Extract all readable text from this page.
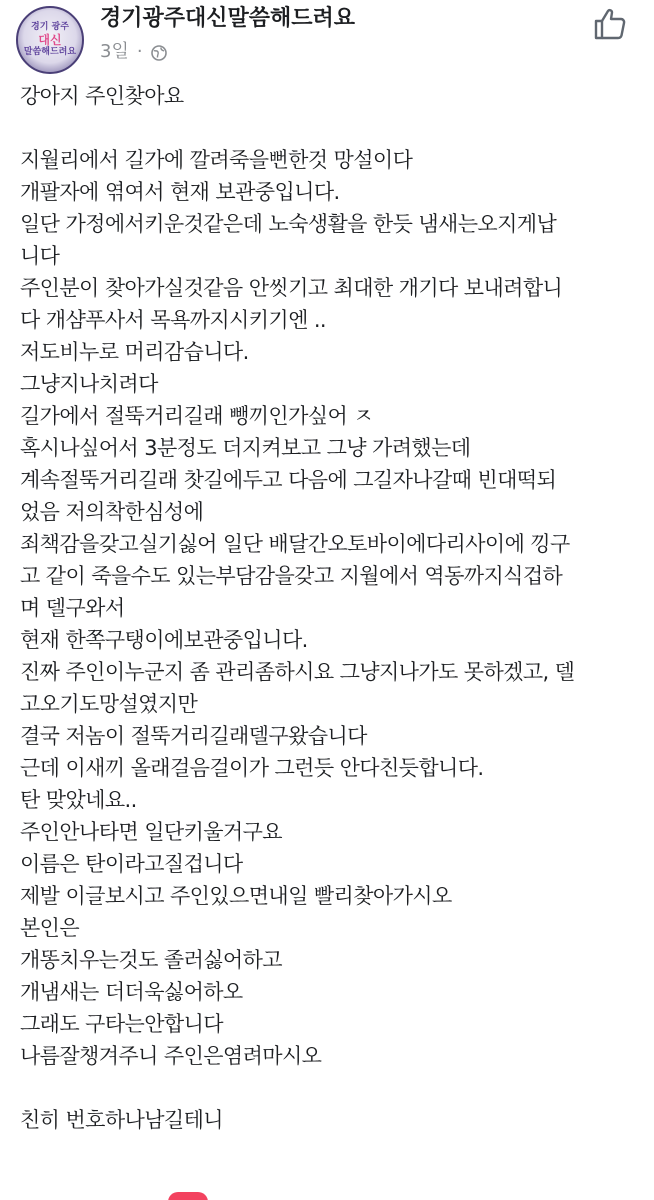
경기 광주
대신
말씀해드려요
경기광주대신말씀해드려요
3일 ·
강아지 주인찾아요
지월리에서 길가에 깔려죽을뻔한것 망설이다
개팔자에 엮여서 현재 보관중입니다.
일단 가정에서키운것같은데 노숙생활을 한듯 냄새는오지게납
니다
주인분이 찾아가실것같음 안씻기고 최대한 개기다 보내려합니
다 개샴푸사서 목욕까지시키기엔 ..
저도비누로 머리감습니다.
그냥지나치려다
길가에서 절뚝거리길래 뺑끼인가싶어 ㅈ
혹시나싶어서 3분정도 더지켜보고 그냥 가려했는데
계속절뚝거리길래 찻길에두고 다음에 그길자나갈때 빈대떡되
었음 저의착한심성에
죄책감을갖고실기싫어 일단 배달간오토바이에다리사이에 낑구
고 같이 죽을수도 있는부담감을갖고 지월에서 역동까지식겁하
며 델구와서
현재 한쪽구탱이에보관중입니다.
진짜 주인이누군지 좀 관리좀하시요 그냥지나가도 못하겠고, 델
고오기도망설였지만
결국 저놈이 절뚝거리길래델구왔습니다
근데 이새끼 올래걸음걸이가 그런듯 안다친듯합니다.
탄 맞았네요..
주인안나타면 일단키울거구요
이름은 탄이라고질겁니다
제발 이글보시고 주인있으면내일 빨리찾아가시오
본인은
개똥치우는것도 졸러싫어하고
개냄새는 더더욱싫어하오
그래도 구타는안합니다
나름잘챙겨주니 주인은염려마시오
친히 번호하나남길테니
